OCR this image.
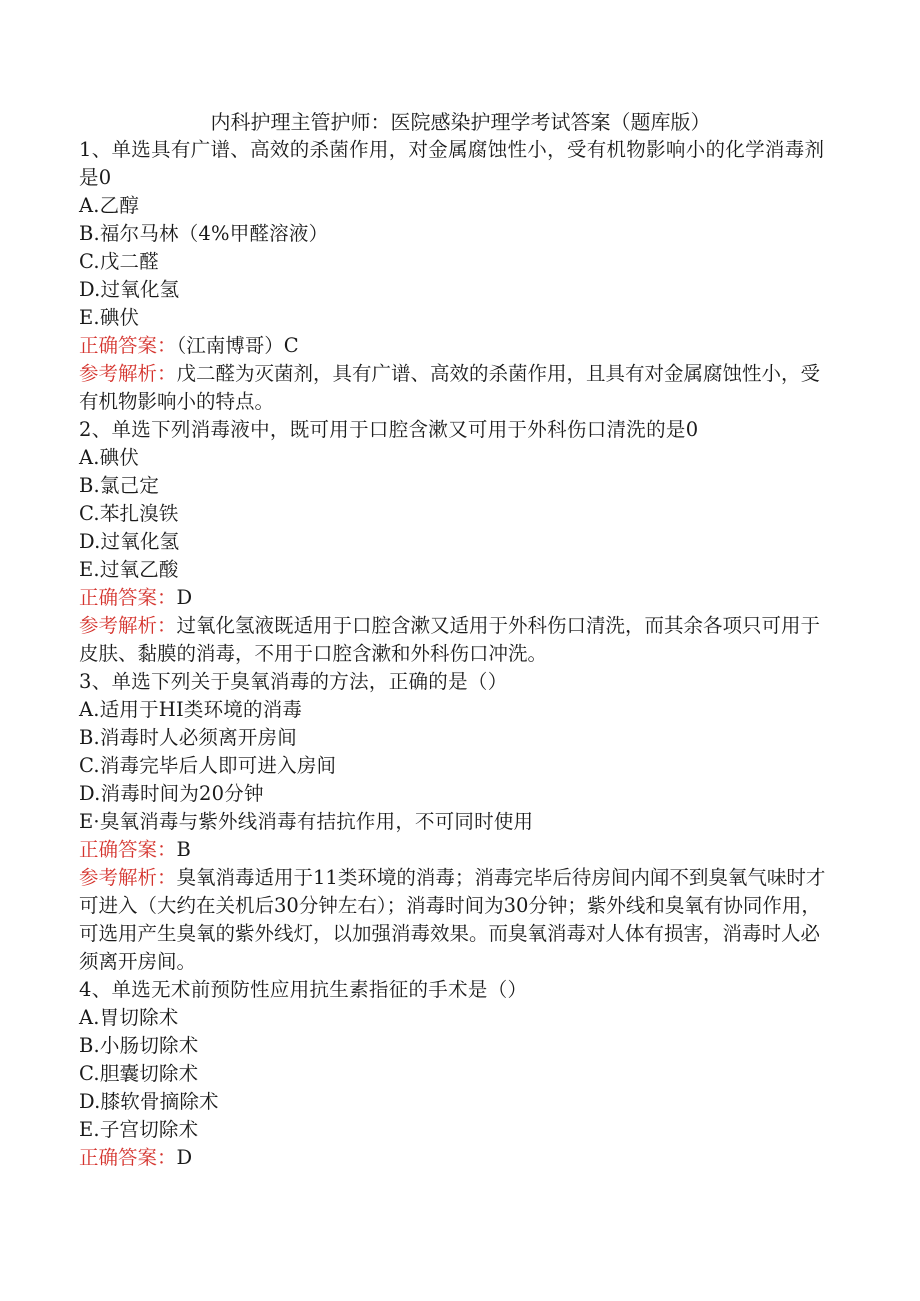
内科护理主管护师：医院感染护理学考试答案（题库版）

1、单选具有广谱、高效的杀菌作用，对金属腐蚀性小，受有机物影响小的化学消毒剂是0

A.乙醇

B.福尔马林（4%甲醛溶液）

C.戊二醛

D.过氧化氢

E.碘伏

正确答案：（江南博哥）C

参考解析：戊二醛为灭菌剂，具有广谱、高效的杀菌作用，且具有对金属腐蚀性小，受有机物影响小的特点。

2、单选下列消毒液中，既可用于口腔含漱又可用于外科伤口清洗的是0

A.碘伏

B.氯己定

C.苯扎溴铁

D.过氧化氢

E.过氧乙酸

正确答案：D

参考解析：过氧化氢液既适用于口腔含漱又适用于外科伤口清洗，而其余各项只可用于皮肤、黏膜的消毒，不用于口腔含漱和外科伤口冲洗。

3、单选下列关于臭氧消毒的方法，正确的是（）

A.适用于HI类环境的消毒

B.消毒时人必须离开房间

C.消毒完毕后人即可进入房间

D.消毒时间为20分钟

E·臭氧消毒与紫外线消毒有拮抗作用，不可同时使用

正确答案：B

参考解析：臭氧消毒适用于11类环境的消毒；消毒完毕后待房间内闻不到臭氧气味时才可进入（大约在关机后30分钟左右）；消毒时间为30分钟；紫外线和臭氧有协同作用，可选用产生臭氧的紫外线灯，以加强消毒效果。而臭氧消毒对人体有损害，消毒时人必须离开房间。

4、单选无术前预防性应用抗生素指征的手术是（）

A.胃切除术

B.小肠切除术

C.胆囊切除术

D.膝软骨摘除术

E.子宫切除术

正确答案：D
